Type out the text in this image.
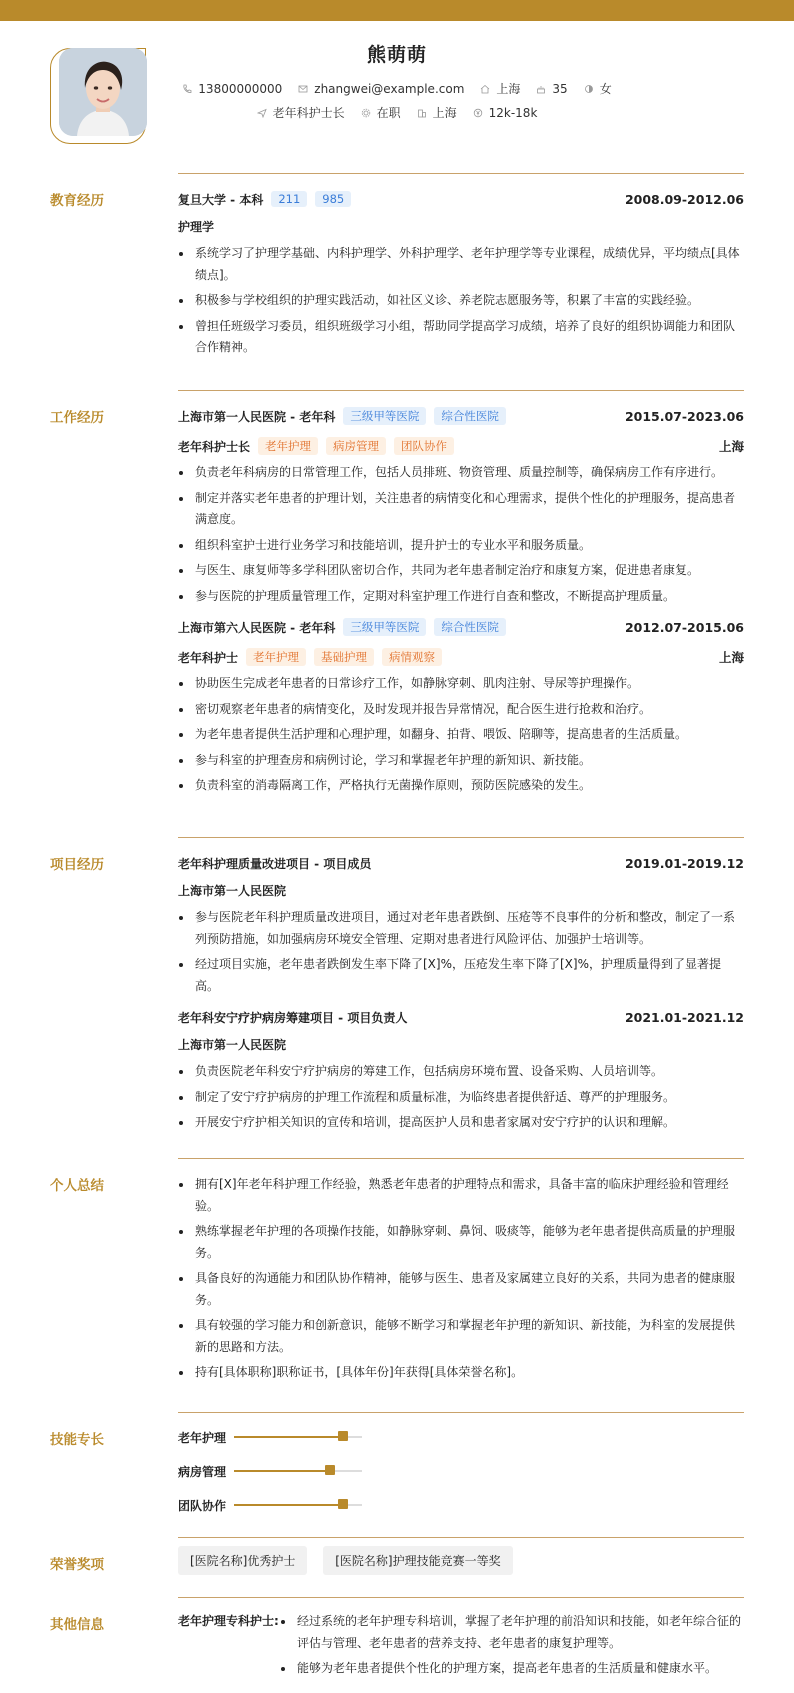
熊萌萌
13800000000	zhangwei@example.com	上海	35	女
老年科护士长	在职	上海	12k-18k
教育经历	复旦大学 - 本科	211	985	2008.09-2012.06
护理学
系统学习了护理学基础、内科护理学、外科护理学、老年护理学等专业课程，成绩优异，平均绩点[具体绩点]。
积极参与学校组织的护理实践活动，如社区义诊、养老院志愿服务等，积累了丰富的实践经验。
曾担任班级学习委员，组织班级学习小组，帮助同学提高学习成绩，培养了良好的组织协调能力和团队合作精神。
工作经历	上海市第一人民医院 - 老年科	三级甲等医院	综合性医院	2015.07-2023.06
老年科护士长	老年护理	病房管理	团队协作	上海
负责老年科病房的日常管理工作，包括人员排班、物资管理、质量控制等，确保病房工作有序进行。
制定并落实老年患者的护理计划，关注患者的病情变化和心理需求，提供个性化的护理服务，提高患者满意度。
组织科室护士进行业务学习和技能培训，提升护士的专业水平和服务质量。
与医生、康复师等多学科团队密切合作，共同为老年患者制定治疗和康复方案，促进患者康复。
参与医院的护理质量管理工作，定期对科室护理工作进行自查和整改，不断提高护理质量。
上海市第六人民医院 - 老年科	三级甲等医院	综合性医院	2012.07-2015.06
老年科护士	老年护理	基础护理	病情观察	上海
协助医生完成老年患者的日常诊疗工作，如静脉穿刺、肌肉注射、导尿等护理操作。
密切观察老年患者的病情变化，及时发现并报告异常情况，配合医生进行抢救和治疗。
为老年患者提供生活护理和心理护理，如翻身、拍背、喂饭、陪聊等，提高患者的生活质量。
参与科室的护理查房和病例讨论，学习和掌握老年护理的新知识、新技能。
负责科室的消毒隔离工作，严格执行无菌操作原则，预防医院感染的发生。
项目经历	老年科护理质量改进项目 - 项目成员	2019.01-2019.12
上海市第一人民医院
参与医院老年科护理质量改进项目，通过对老年患者跌倒、压疮等不良事件的分析和整改，制定了一系列预防措施，如加强病房环境安全管理、定期对患者进行风险评估、加强护士培训等。
经过项目实施，老年患者跌倒发生率下降了[X]%，压疮发生率下降了[X]%，护理质量得到了显著提高。
老年科安宁疗护病房筹建项目 - 项目负责人	2021.01-2021.12
上海市第一人民医院
负责医院老年科安宁疗护病房的筹建工作，包括病房环境布置、设备采购、人员培训等。
制定了安宁疗护病房的护理工作流程和质量标准，为临终患者提供舒适、尊严的护理服务。
开展安宁疗护相关知识的宣传和培训，提高医护人员和患者家属对安宁疗护的认识和理解。
个人总结	拥有[X]年老年科护理工作经验，熟悉老年患者的护理特点和需求，具备丰富的临床护理经验和管理经验。
熟练掌握老年护理的各项操作技能，如静脉穿刺、鼻饲、吸痰等，能够为老年患者提供高质量的护理服务。
具备良好的沟通能力和团队协作精神，能够与医生、患者及家属建立良好的关系，共同为患者的健康服务。
具有较强的学习能力和创新意识，能够不断学习和掌握老年护理的新知识、新技能，为科室的发展提供新的思路和方法。
持有[具体职称]职称证书，[具体年份]年获得[具体荣誉名称]。
技能专长	老年护理
病房管理
团队协作
荣誉奖项	[医院名称]优秀护士	[医院名称]护理技能竞赛一等奖
其他信息	老年护理专科护士:	经过系统的老年护理专科培训，掌握了老年护理的前沿知识和技能，如老年综合征的评估与管理、老年患者的营养支持、老年患者的康复护理等。
能够为老年患者提供个性化的护理方案，提高老年患者的生活质量和健康水平。
